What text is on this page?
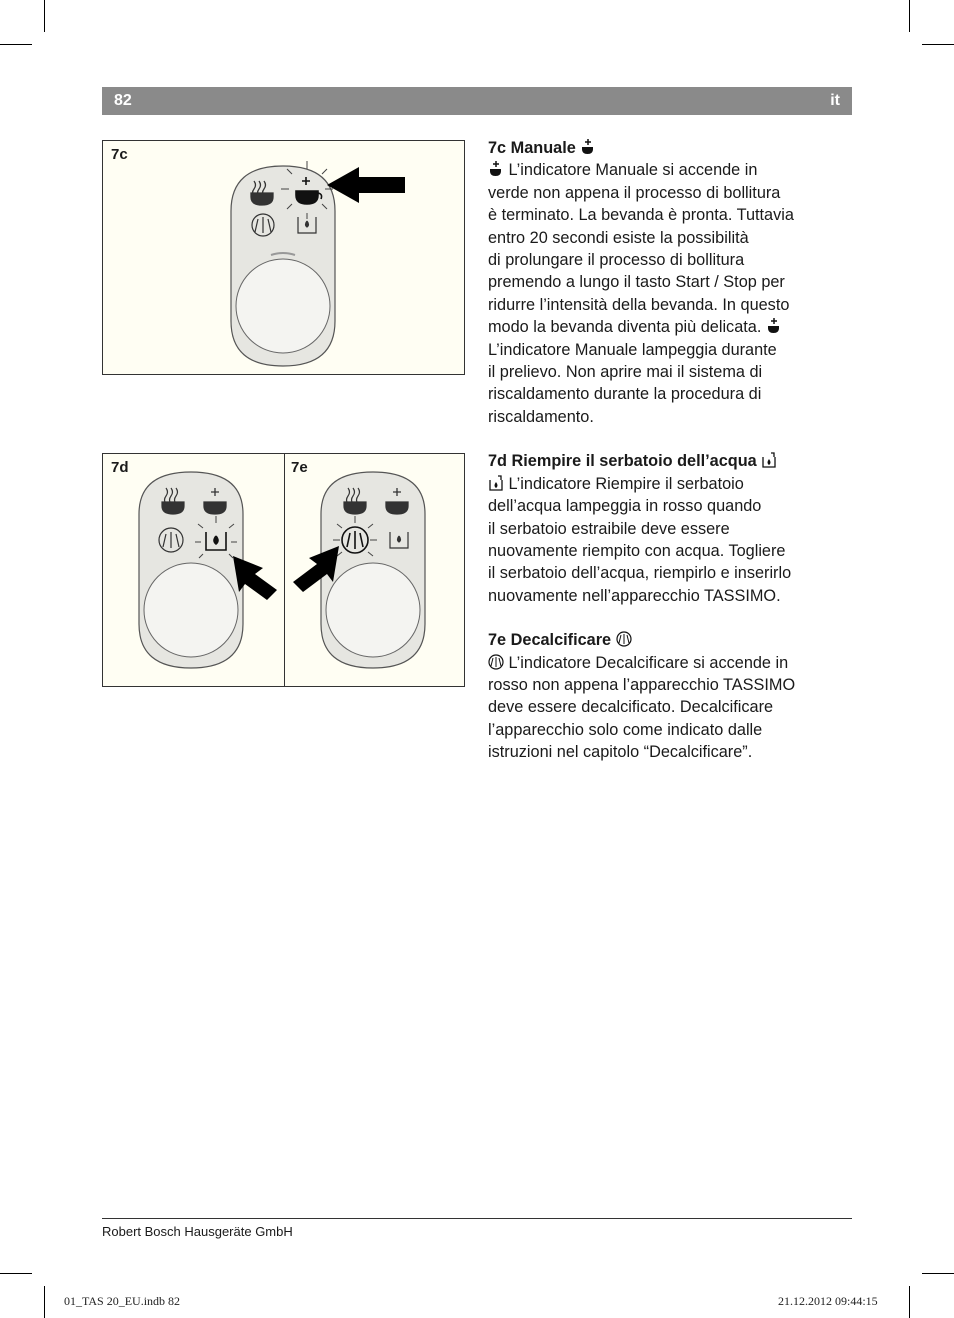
82	it
7c
7d	7e

7c Manuale

L’indicatore Manuale si accende in
verde non appena il processo di bollitura
è terminato. La bevanda è pronta. Tuttavia
entro 20 secondi esiste la possibilità
di prolungare il processo di bollitura
premendo a lungo il tasto Start / Stop per
ridurre l’intensità della bevanda. In questo
modo la bevanda diventa più delicata.
L’indicatore Manuale lampeggia durante
il prelievo. Non aprire mai il sistema di
riscaldamento durante la procedura di
riscaldamento.

7d Riempire il serbatoio dell’acqua

L’indicatore Riempire il serbatoio
dell’acqua lampeggia in rosso quando
il serbatoio estraibile deve essere
nuovamente riempito con acqua. Togliere
il serbatoio dell’acqua, riempirlo e inserirlo
nuovamente nell’apparecchio TASSIMO.

7e Decalcificare

L’indicatore Decalcificare si accende in
rosso non appena l’apparecchio TASSIMO
deve essere decalcificato. Decalcificare
l’apparecchio solo come indicato dalle
istruzioni nel capitolo “Decalcificare”.

Robert Bosch Hausgeräte GmbH
01_TAS 20_EU.indb 82	21.12.2012 09:44:15
